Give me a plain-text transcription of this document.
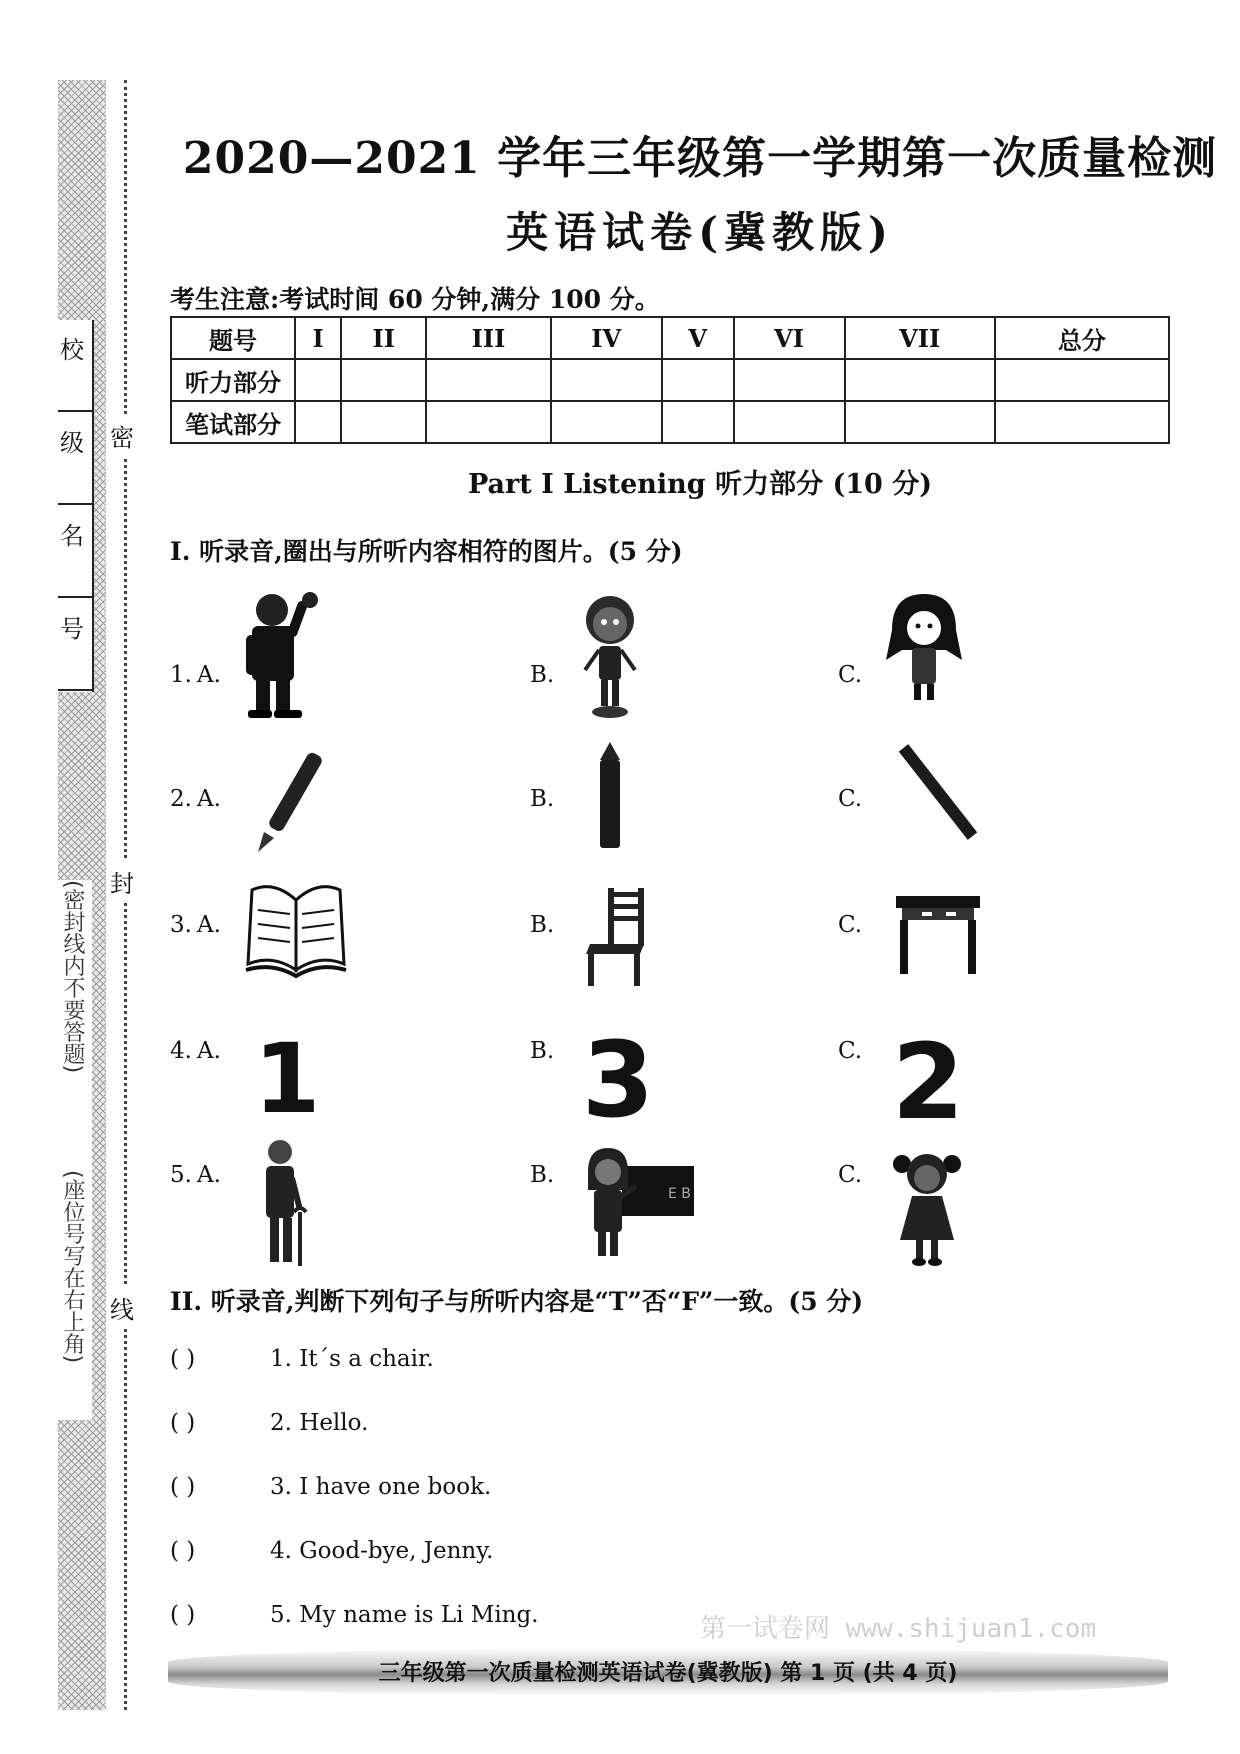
校
级
名
号
(密封线内不要答题)
(座位号写在右上角)
密
封
线
2020—2021 学年三年级第一学期第一次质量检测
英语试卷(冀教版)
考生注意:考试时间 60 分钟,满分 100 分。
题号	I	II	III	IV	V	VI	VII	总分
听力部分								
笔试部分								
Part I Listening 听力部分 (10 分)
I. 听录音,圈出与所听内容相符的图片。(5 分)
1. A.	B.	C.
2. A.	B.	C.
3. A.	B.	C.
4. A.	B.	C.
1	3 2
5. A.	B.	C.
E B
II. 听录音,判断下列句子与所听内容是“T”否“F”一致。(5 分)
( )	1. It´s a chair.
( )	2. Hello.
( )	3. I have one book.
( )	4. Good-bye, Jenny.
( )	5. My name is Li Ming.	第一试卷网 www.shijuan1.com
三年级第一次质量检测英语试卷(冀教版) 第 1 页 (共 4 页)
